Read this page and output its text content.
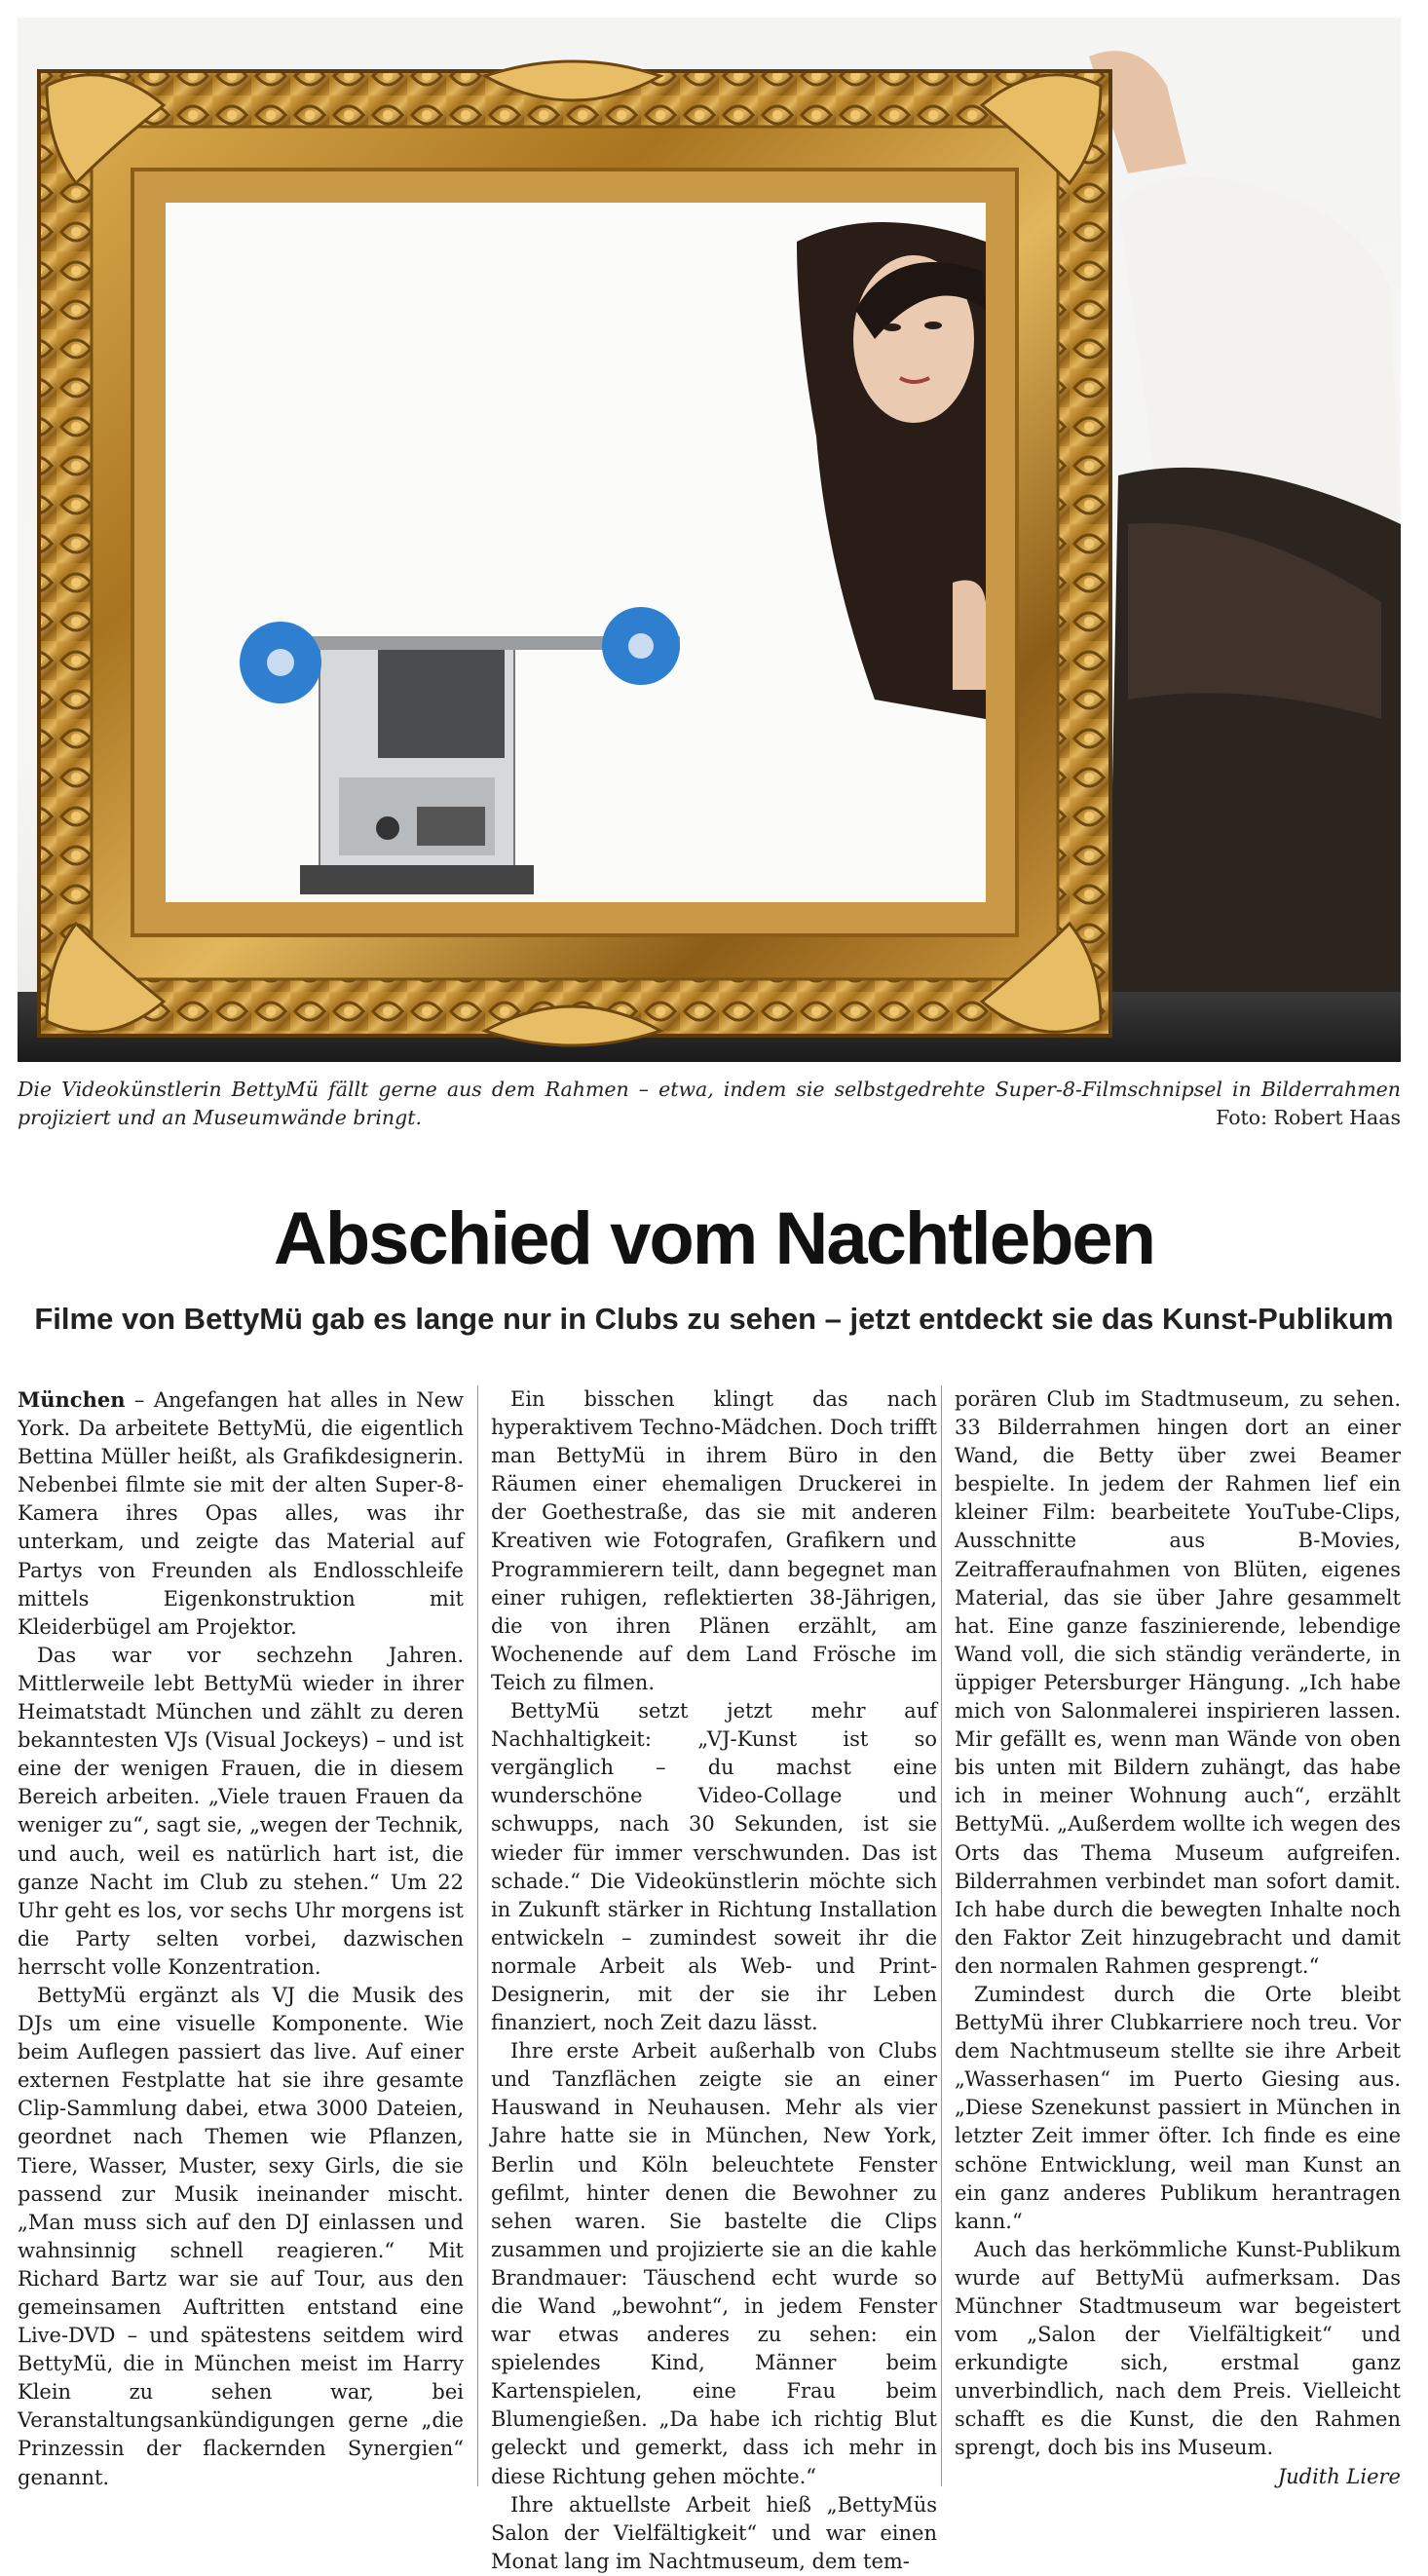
Die Videokünstlerin BettyMü fällt gerne aus dem Rahmen – etwa, indem sie selbstgedrehte Super-8-Filmschnipsel in Bilderrahmen projiziert und an Museumwände bringt.	Foto: Robert Haas
Abschied vom Nachtleben
Filme von BettyMü gab es lange nur in Clubs zu sehen – jetzt entdeckt sie das Kunst-Publikum

München – Angefangen hat alles in New York. Da arbeitete BettyMü, die eigentlich Bettina Müller heißt, als Grafikdesignerin. Nebenbei filmte sie mit der alten Super-8-Kamera ihres Opas alles, was ihr unterkam, und zeigte das Material auf Partys von Freunden als Endlosschleife mittels Eigenkonstruktion mit Kleiderbügel am Projektor.

Das war vor sechzehn Jahren. Mittlerweile lebt BettyMü wieder in ihrer Heimatstadt München und zählt zu deren bekanntesten VJs (Visual Jockeys) – und ist eine der wenigen Frauen, die in diesem Bereich arbeiten. „Viele trauen Frauen da weniger zu“, sagt sie, „wegen der Technik, und auch, weil es natürlich hart ist, die ganze Nacht im Club zu stehen.“ Um 22 Uhr geht es los, vor sechs Uhr morgens ist die Party selten vorbei, dazwischen herrscht volle Konzentration.

BettyMü ergänzt als VJ die Musik des DJs um eine visuelle Komponente. Wie beim Auflegen passiert das live. Auf einer externen Festplatte hat sie ihre gesamte Clip-Sammlung dabei, etwa 3000 Dateien, geordnet nach Themen wie Pflanzen, Tiere, Wasser, Muster, sexy Girls, die sie passend zur Musik ineinander mischt. „Man muss sich auf den DJ einlassen und wahnsinnig schnell reagieren.“ Mit Richard Bartz war sie auf Tour, aus den gemeinsamen Auftritten entstand eine Live-DVD – und spätestens seitdem wird BettyMü, die in München meist im Harry Klein zu sehen war, bei Veranstaltungsankündigungen gerne „die Prinzessin der flackernden Synergien“ genannt.

Ein bisschen klingt das nach hyperaktivem Techno-Mädchen. Doch trifft man BettyMü in ihrem Büro in den Räumen einer ehemaligen Druckerei in der Goethestraße, das sie mit anderen Kreativen wie Fotografen, Grafikern und Programmierern teilt, dann begegnet man einer ruhigen, reflektierten 38-Jährigen, die von ihren Plänen erzählt, am Wochenende auf dem Land Frösche im Teich zu filmen.

BettyMü setzt jetzt mehr auf Nachhaltigkeit: „VJ-Kunst ist so vergänglich – du machst eine wunderschöne Video-Collage und schwupps, nach 30 Sekunden, ist sie wieder für immer verschwunden. Das ist schade.“ Die Videokünstlerin möchte sich in Zukunft stärker in Richtung Installation entwickeln – zumindest soweit ihr die normale Arbeit als Web- und Print-Designerin, mit der sie ihr Leben finanziert, noch Zeit dazu lässt.

Ihre erste Arbeit außerhalb von Clubs und Tanzflächen zeigte sie an einer Hauswand in Neuhausen. Mehr als vier Jahre hatte sie in München, New York, Berlin und Köln beleuchtete Fenster gefilmt, hinter denen die Bewohner zu sehen waren. Sie bastelte die Clips zusammen und projizierte sie an die kahle Brandmauer: Täuschend echt wurde so die Wand „bewohnt“, in jedem Fenster war etwas anderes zu sehen: ein spielendes Kind, Männer beim Kartenspielen, eine Frau beim Blumengießen. „Da habe ich richtig Blut geleckt und gemerkt, dass ich mehr in diese Richtung gehen möchte.“

Ihre aktuellste Arbeit hieß „BettyMüs Salon der Vielfältigkeit“ und war einen Monat lang im Nachtmuseum, dem tem-

porären Club im Stadtmuseum, zu sehen. 33 Bilderrahmen hingen dort an einer Wand, die Betty über zwei Beamer bespielte. In jedem der Rahmen lief ein kleiner Film: bearbeitete YouTube-Clips, Ausschnitte aus B-Movies, Zeitrafferaufnahmen von Blüten, eigenes Material, das sie über Jahre gesammelt hat. Eine ganze faszinierende, lebendige Wand voll, die sich ständig veränderte, in üppiger Petersburger Hängung. „Ich habe mich von Salonmalerei inspirieren lassen. Mir gefällt es, wenn man Wände von oben bis unten mit Bildern zuhängt, das habe ich in meiner Wohnung auch“, erzählt BettyMü. „Außerdem wollte ich wegen des Orts das Thema Museum aufgreifen. Bilderrahmen verbindet man sofort damit. Ich habe durch die bewegten Inhalte noch den Faktor Zeit hinzugebracht und damit den normalen Rahmen gesprengt.“

Zumindest durch die Orte bleibt BettyMü ihrer Clubkarriere noch treu. Vor dem Nachtmuseum stellte sie ihre Arbeit „Wasserhasen“ im Puerto Giesing aus. „Diese Szenekunst passiert in München in letzter Zeit immer öfter. Ich finde es eine schöne Entwicklung, weil man Kunst an ein ganz anderes Publikum herantragen kann.“

Auch das herkömmliche Kunst-Publikum wurde auf BettyMü aufmerksam. Das Münchner Stadtmuseum war begeistert vom „Salon der Vielfältigkeit“ und erkundigte sich, erstmal ganz unverbindlich, nach dem Preis. Vielleicht schafft es die Kunst, die den Rahmen sprengt, doch bis ins Museum.
Judith Liere
